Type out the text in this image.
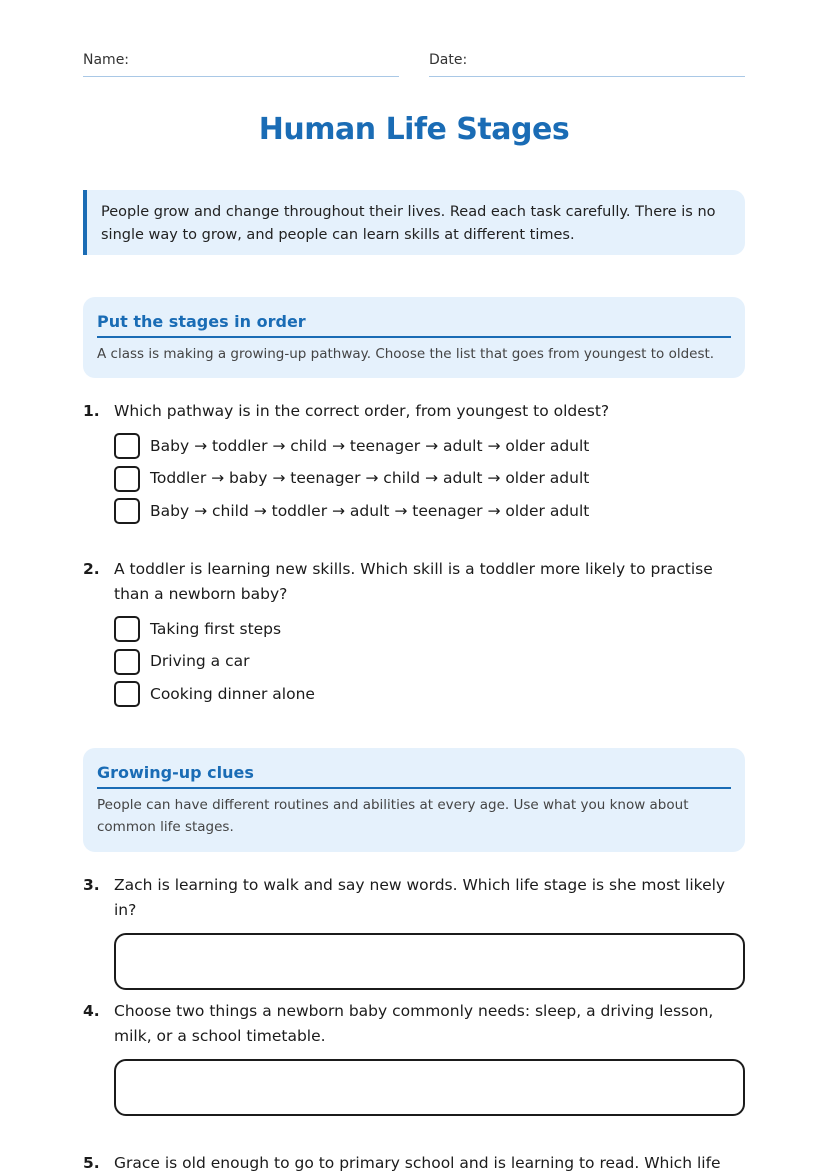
Name:	Date:
Human Life Stages
People grow and change throughout their lives. Read each task carefully. There is no single way to grow, and people can learn skills at different times.
Put the stages in order

A class is making a growing-up pathway. Choose the list that goes from youngest to oldest.

1. Which pathway is in the correct order, from youngest to oldest?
Baby → toddler → child → teenager → adult → older adult
Toddler → baby → teenager → child → adult → older adult
Baby → child → toddler → adult → teenager → older adult
2. A toddler is learning new skills. Which skill is a toddler more likely to practise than a newborn baby?
Taking first steps
Driving a car
Cooking dinner alone
Growing-up clues

People can have different routines and abilities at every age. Use what you know about common life stages.

3. Zach is learning to walk and say new words. Which life stage is she most likely in?
4. Choose two things a newborn baby commonly needs: sleep, a driving lesson, milk, or a school timetable.
5. Grace is old enough to go to primary school and is learning to read. Which life
